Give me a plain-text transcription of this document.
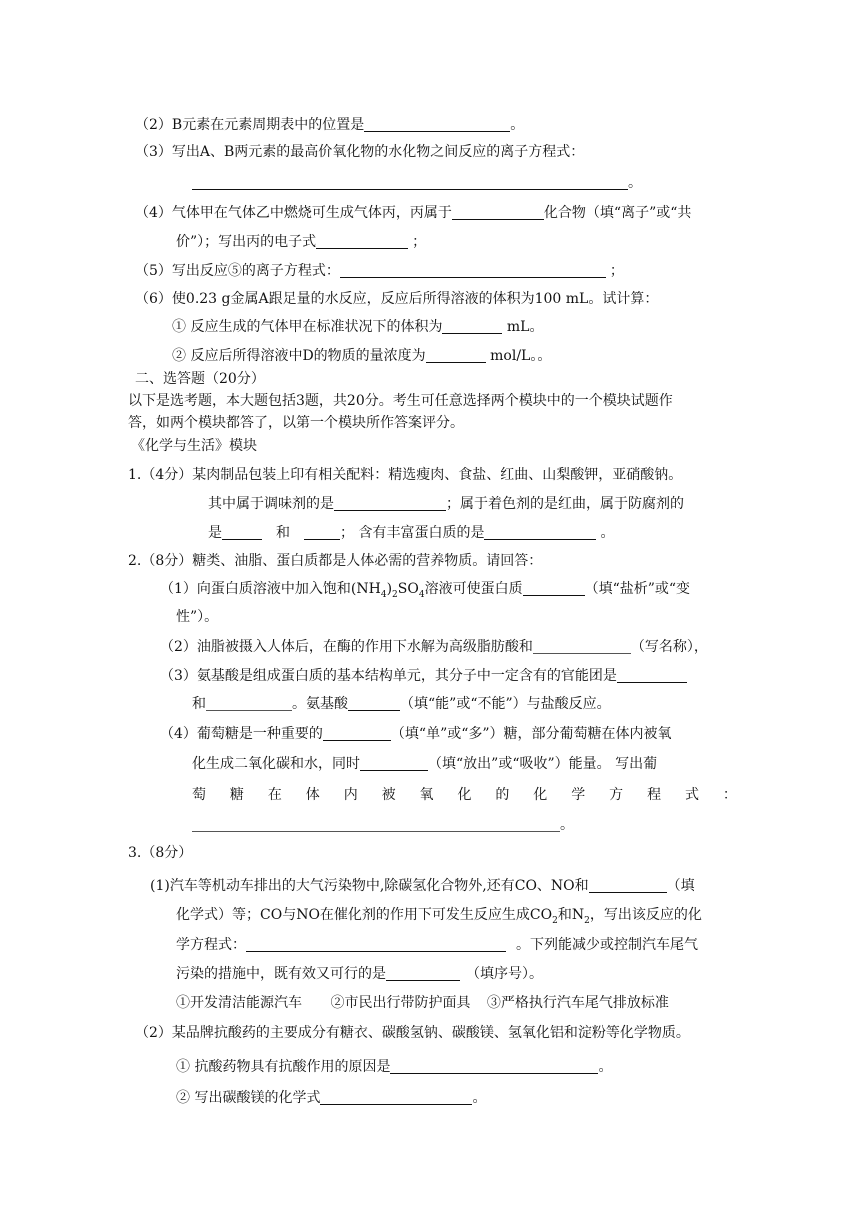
（2）B元素在元素周期表中的位置是	。
（3）写出A、B两元素的最高价氧化物的水化物之间反应的离子方程式：
。
（4）气体甲在气体乙中燃烧可生成气体丙，丙属于	化合物（填“离子”或“共
价”）；写出丙的电子式	；
（5）写出反应⑤的离子方程式：	；
（6）使0.23 g金属A跟足量的水反应，反应后所得溶液的体积为100 mL。试计算：
① 反应生成的气体甲在标准状况下的体积为	mL。
② 反应后所得溶液中D的物质的量浓度为	mol/L。。
二、选答题（20分）
以下是选考题，本大题包括3题，共20分。考生可任意选择两个模块中的一个模块试题作
答，如两个模块都答了，以第一个模块所作答案评分。
《化学与生活》模块
1.（4分）某肉制品包装上印有相关配料：精选瘦肉、食盐、红曲、山梨酸钾，亚硝酸钠。
其中属于调味剂的是	；属于着色剂的是红曲，属于防腐剂的
是	和	； 含有丰富蛋白质的是	。
2.（8分）糖类、油脂、蛋白质都是人体必需的营养物质。请回答：
（1）向蛋白质溶液中加入饱和$(NH_4)_2SO_4$溶液可使蛋白质	（填“盐析”或“变
性”）。
（2）油脂被摄入人体后，在酶的作用下水解为高级脂肪酸和	（写名称），
（3）氨基酸是组成蛋白质的基本结构单元，其分子中一定含有的官能团是
和	。氨基酸	（填“能”或“不能”）与盐酸反应。
（4）葡萄糖是一种重要的	（填“单”或“多”）糖，部分葡萄糖在体内被氧
化生成二氧化碳和水，同时	（填“放出”或“吸收”）能量。 写出葡
萄 糖 在 体 内 被 氧 化 的 化 学 方 程 式 ：
。
3.（8分）
(1)汽车等机动车排出的大气污染物中,除碳氢化合物外,还有CO、NO和	（填
化学式）等；CO与NO在催化剂的作用下可发生反应生成$CO_2$和$N_2$，写出该反应的化
学方程式：	。下列能减少或控制汽车尾气
污染的措施中，既有效又可行的是	（填序号）。
①开发清洁能源汽车 ②市民出行带防护面具 ③严格执行汽车尾气排放标准
（2）某品牌抗酸药的主要成分有糖衣、碳酸氢钠、碳酸镁、氢氧化铝和淀粉等化学物质。
① 抗酸药物具有抗酸作用的原因是	。
② 写出碳酸镁的化学式	。
